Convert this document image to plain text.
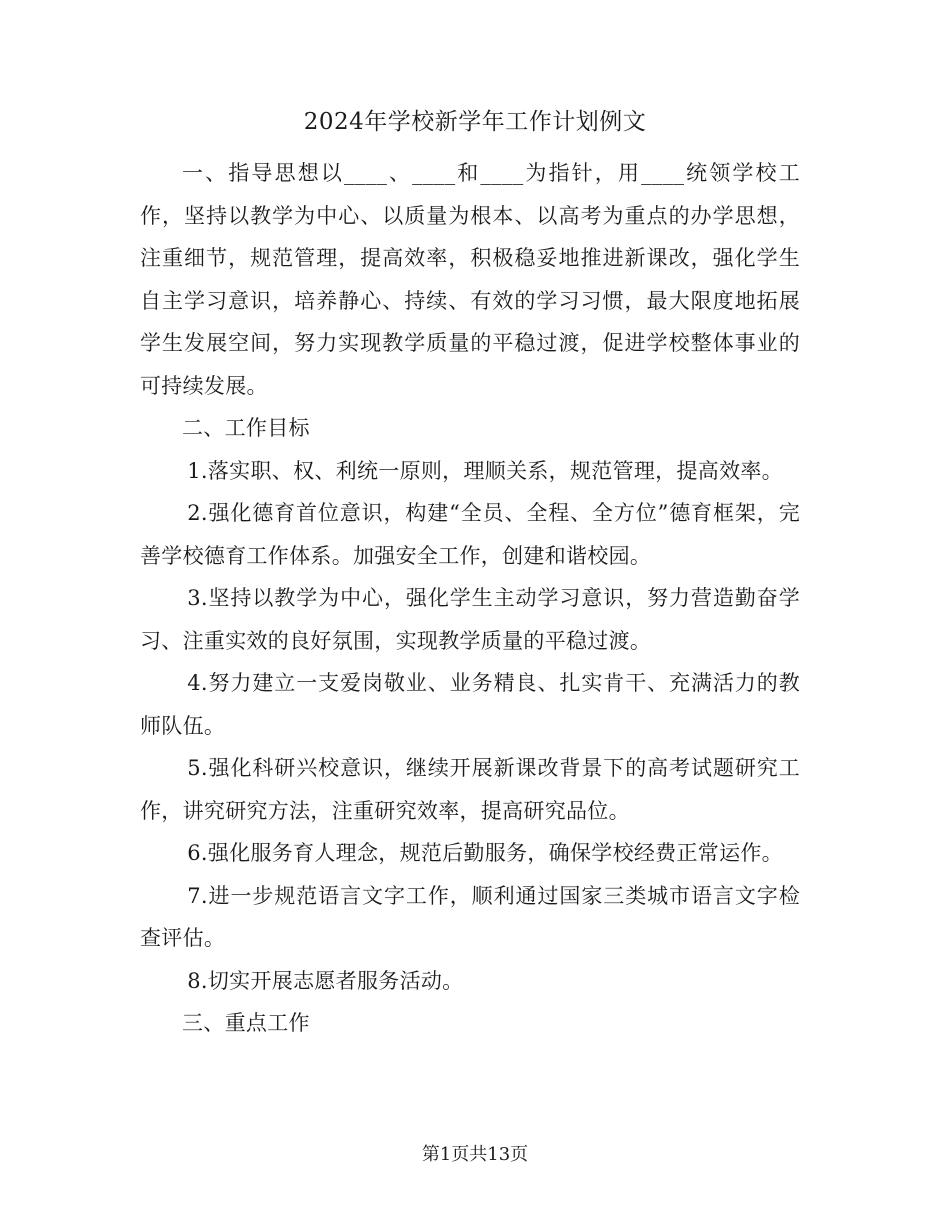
2024年学校新学年工作计划例文

一、指导思想以____、____和____为指针，用____统领学校工作，坚持以教学为中心、以质量为根本、以高考为重点的办学思想，注重细节，规范管理，提高效率，积极稳妥地推进新课改，强化学生自主学习意识，培养静心、持续、有效的学习习惯，最大限度地拓展学生发展空间，努力实现教学质量的平稳过渡，促进学校整体事业的可持续发展。

二、工作目标

1.落实职、权、利统一原则，理顺关系，规范管理，提高效率。

2.强化德育首位意识，构建“全员、全程、全方位”德育框架，完善学校德育工作体系。加强安全工作，创建和谐校园。

3.坚持以教学为中心，强化学生主动学习意识，努力营造勤奋学习、注重实效的良好氛围，实现教学质量的平稳过渡。

4.努力建立一支爱岗敬业、业务精良、扎实肯干、充满活力的教师队伍。

5.强化科研兴校意识，继续开展新课改背景下的高考试题研究工作，讲究研究方法，注重研究效率，提高研究品位。

6.强化服务育人理念，规范后勤服务，确保学校经费正常运作。

7.进一步规范语言文字工作，顺利通过国家三类城市语言文字检查评估。

8.切实开展志愿者服务活动。

三、重点工作

第1页共13页
